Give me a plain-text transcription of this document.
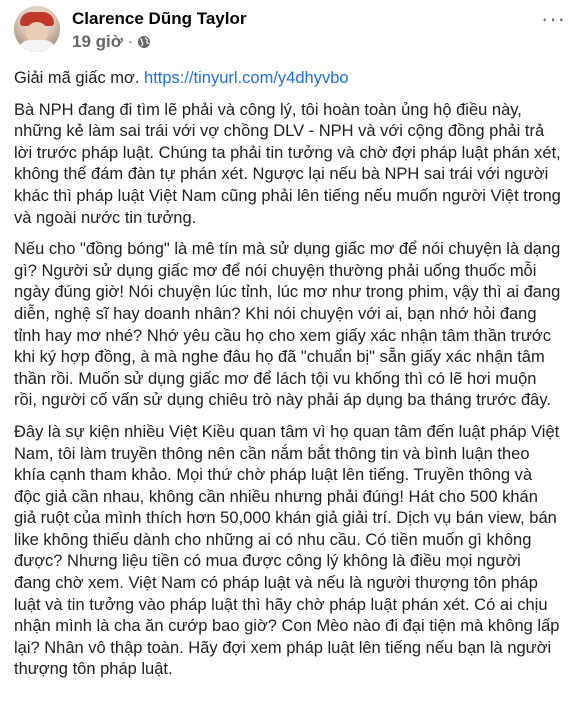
Clarence Dũng Taylor
19 giờ ·
···

Giải mã giấc mơ. https://tinyurl.com/y4dhyvbo

Bà NPH đang đi tìm lẽ phải và công lý, tôi hoàn toàn ủng hộ điều này, những kẻ làm sai trái với vợ chồng DLV - NPH và với cộng đồng phải trả lời trước pháp luật. Chúng ta phải tin tưởng và chờ đợi pháp luật phán xét, không thể đám đàn tự phán xét. Ngược lại nếu bà NPH sai trái với người khác thì pháp luật Việt Nam cũng phải lên tiếng nếu muốn người Việt trong và ngoài nước tin tưởng.

Nếu cho "đồng bóng" là mê tín mà sử dụng giấc mơ để nói chuyện là dạng gì? Người sử dụng giấc mơ để nói chuyện thường phải uống thuốc mỗi ngày đúng giờ! Nói chuyện lúc tỉnh, lúc mơ như trong phim, vậy thì ai đang diễn, nghệ sĩ hay doanh nhân? Khi nói chuyện với ai, bạn nhớ hỏi đang tỉnh hay mơ nhé? Nhớ yêu cầu họ cho xem giấy xác nhận tâm thần trước khi ký hợp đồng, à mà nghe đâu họ đã "chuẩn bị" sẵn giấy xác nhận tâm thần rồi. Muốn sử dụng giấc mơ để lách tội vu khống thì có lẽ hơi muộn rồi, người cố vấn sử dụng chiêu trò này phải áp dụng ba tháng trước đây.

Đây là sự kiện nhiều Việt Kiều quan tâm vì họ quan tâm đến luật pháp Việt Nam, tôi làm truyền thông nên cần nắm bắt thông tin và bình luận theo khía cạnh tham khảo. Mọi thứ chờ pháp luật lên tiếng. Truyền thông và độc giả cần nhau, không cần nhiều nhưng phải đúng! Hát cho 500 khán giả ruột của mình thích hơn 50,000 khán giả giải trí. Dịch vụ bán view, bán like không thiếu dành cho những ai có nhu cầu. Có tiền muốn gì không được? Nhưng liệu tiền có mua được công lý không là điều mọi người đang chờ xem. Việt Nam có pháp luật và nếu là người thượng tôn pháp luật và tin tưởng vào pháp luật thì hãy chờ pháp luật phán xét. Có ai chịu nhận mình là cha ăn cướp bao giờ? Con Mèo nào đi đại tiện mà không lấp lại? Nhân vô thập toàn. Hãy đợi xem pháp luật lên tiếng nếu bạn là người thượng tôn pháp luật.
